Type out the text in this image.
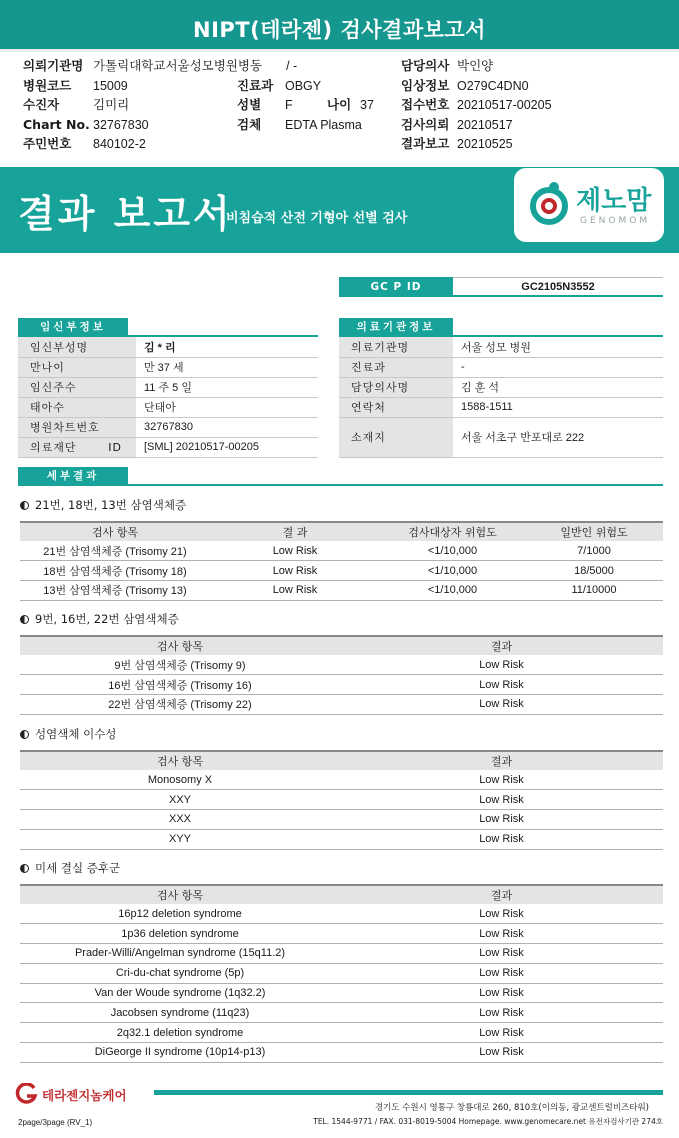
NIPT(테라젠) 검사결과보고서
의뢰기관명 가톨릭대학교서울성모병원병동 / -
병원코드 15009
수진자	김미리
Chart No. 32767830
주민번호 840102-2
진료과 OBGY
성별 F	나이 37
검체 EDTA Plasma
담당의사 박인양
임상정보 O279C4DN0
접수번호 20210517-00205
검사의뢰 20210517
결과보고 20210525
결과 보고서
비침습적 산전 기형아 선별 검사
제노맘
GENOMOM
GC P ID	GC2105N3552
임신부정보
임신부성명	김 * 리
만나이	만 37 세
임신주수	11 주 5 일
태아수	단태아
병원차트번호	32767830
의료재단 ID	[SML] 20210517-00205
의료기관정보
의료기관명	서울 성모 병원
진료과	-
담당의사명	김 훈 석
연락처	1588-1511
소재지	서울 서초구 반포대로 222
세부결과
21번, 18번, 13번 삼염색체증
검사 항목	결 과	검사대상자 위험도	일반인 위험도
21번 삼염색체증 (Trisomy 21)	Low Risk	<1/10,000	7/1000
18번 삼염색체증 (Trisomy 18)	Low Risk	<1/10,000	18/5000
13번 삼염색체증 (Trisomy 13)	Low Risk	<1/10,000	11/10000
9번, 16번, 22번 삼염색체증
검사 항목	결과
9번 삼염색체증 (Trisomy 9)	Low Risk
16번 삼염색체증 (Trisomy 16)	Low Risk
22번 삼염색체증 (Trisomy 22)	Low Risk
성염색체 이수성
검사 항목	결과
Monosomy X	Low Risk
XXY	Low Risk
XXX	Low Risk
XYY	Low Risk
미세 결실 증후군
검사 항목	결과
16p12 deletion syndrome	Low Risk
1p36 deletion syndrome	Low Risk
Prader-Willi/Angelman syndrome (15q11.2)	Low Risk
Cri-du-chat syndrome (5p)	Low Risk
Van der Woude syndrome (1q32.2)	Low Risk
Jacobsen syndrome (11q23)	Low Risk
2q32.1 deletion syndrome	Low Risk
DiGeorge II syndrome (10p14-p13)	Low Risk
테라젠지놈케어
경기도 수원시 영통구 창룡대로 260, 810호(이의동, 광교센트럴비즈타워)
TEL. 1544-9771 / FAX. 031-8019-5004 Homepage. www.genomecare.net 유전자검사기관 274호
2page/3page (RV_1)
